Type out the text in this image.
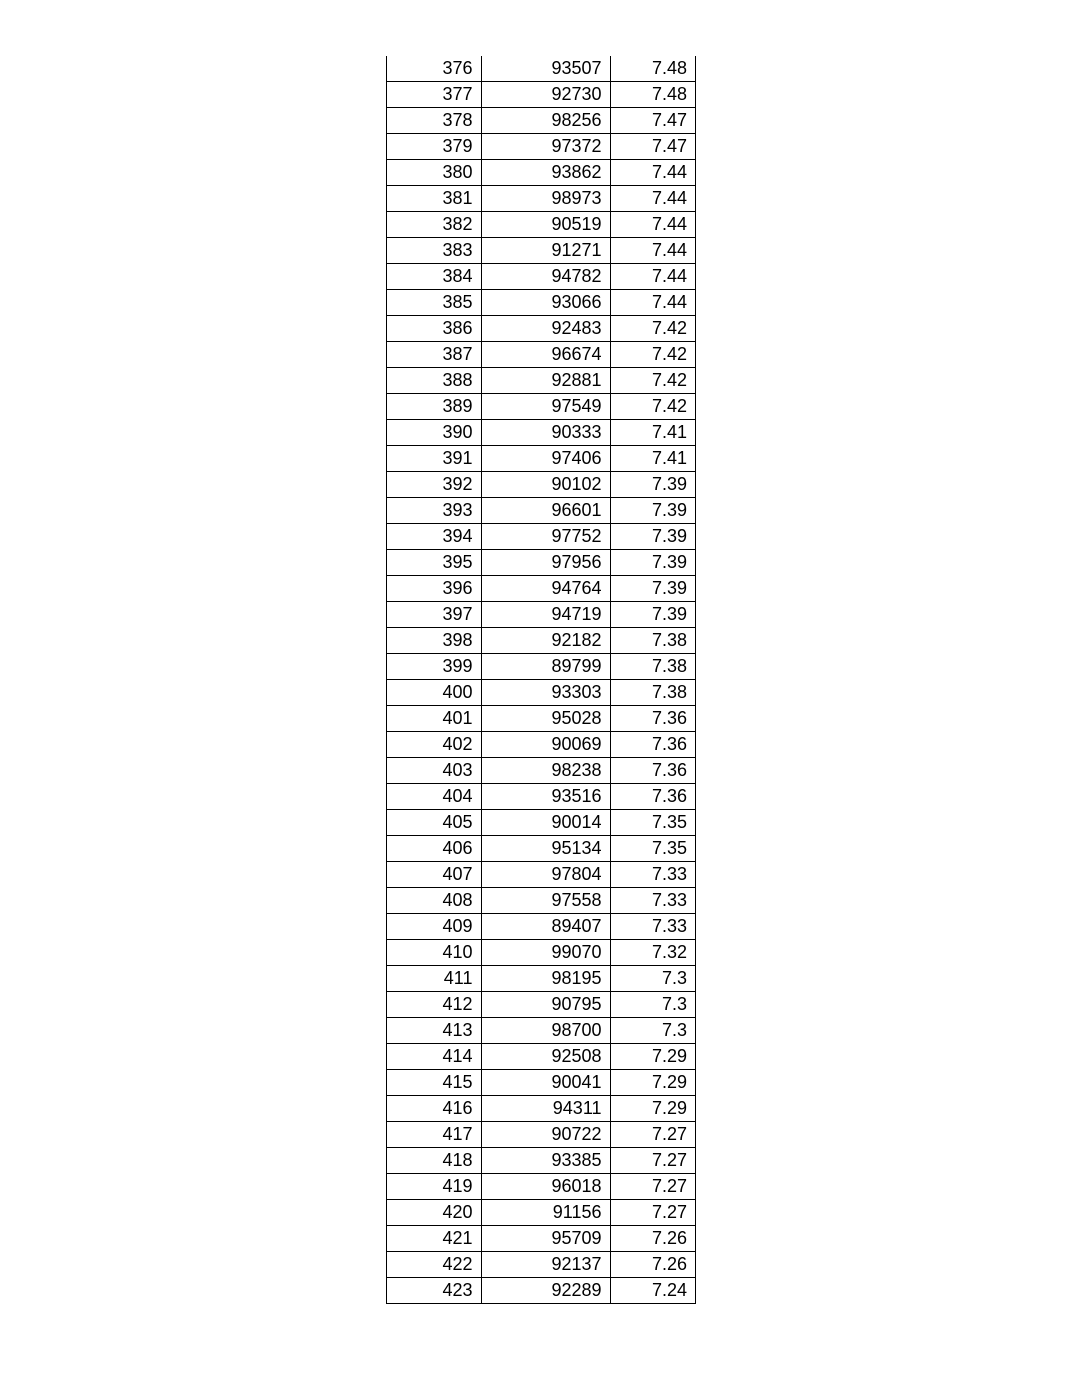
376	93507	7.48
377	92730	7.48
378	98256	7.47
379	97372	7.47
380	93862	7.44
381	98973	7.44
382	90519	7.44
383	91271	7.44
384	94782	7.44
385	93066	7.44
386	92483	7.42
387	96674	7.42
388	92881	7.42
389	97549	7.42
390	90333	7.41
391	97406	7.41
392	90102	7.39
393	96601	7.39
394	97752	7.39
395	97956	7.39
396	94764	7.39
397	94719	7.39
398	92182	7.38
399	89799	7.38
400	93303	7.38
401	95028	7.36
402	90069	7.36
403	98238	7.36
404	93516	7.36
405	90014	7.35
406	95134	7.35
407	97804	7.33
408	97558	7.33
409	89407	7.33
410	99070	7.32
411	98195	7.3
412	90795	7.3
413	98700	7.3
414	92508	7.29
415	90041	7.29
416	94311	7.29
417	90722	7.27
418	93385	7.27
419	96018	7.27
420	91156	7.27
421	95709	7.26
422	92137	7.26
423	92289	7.24
